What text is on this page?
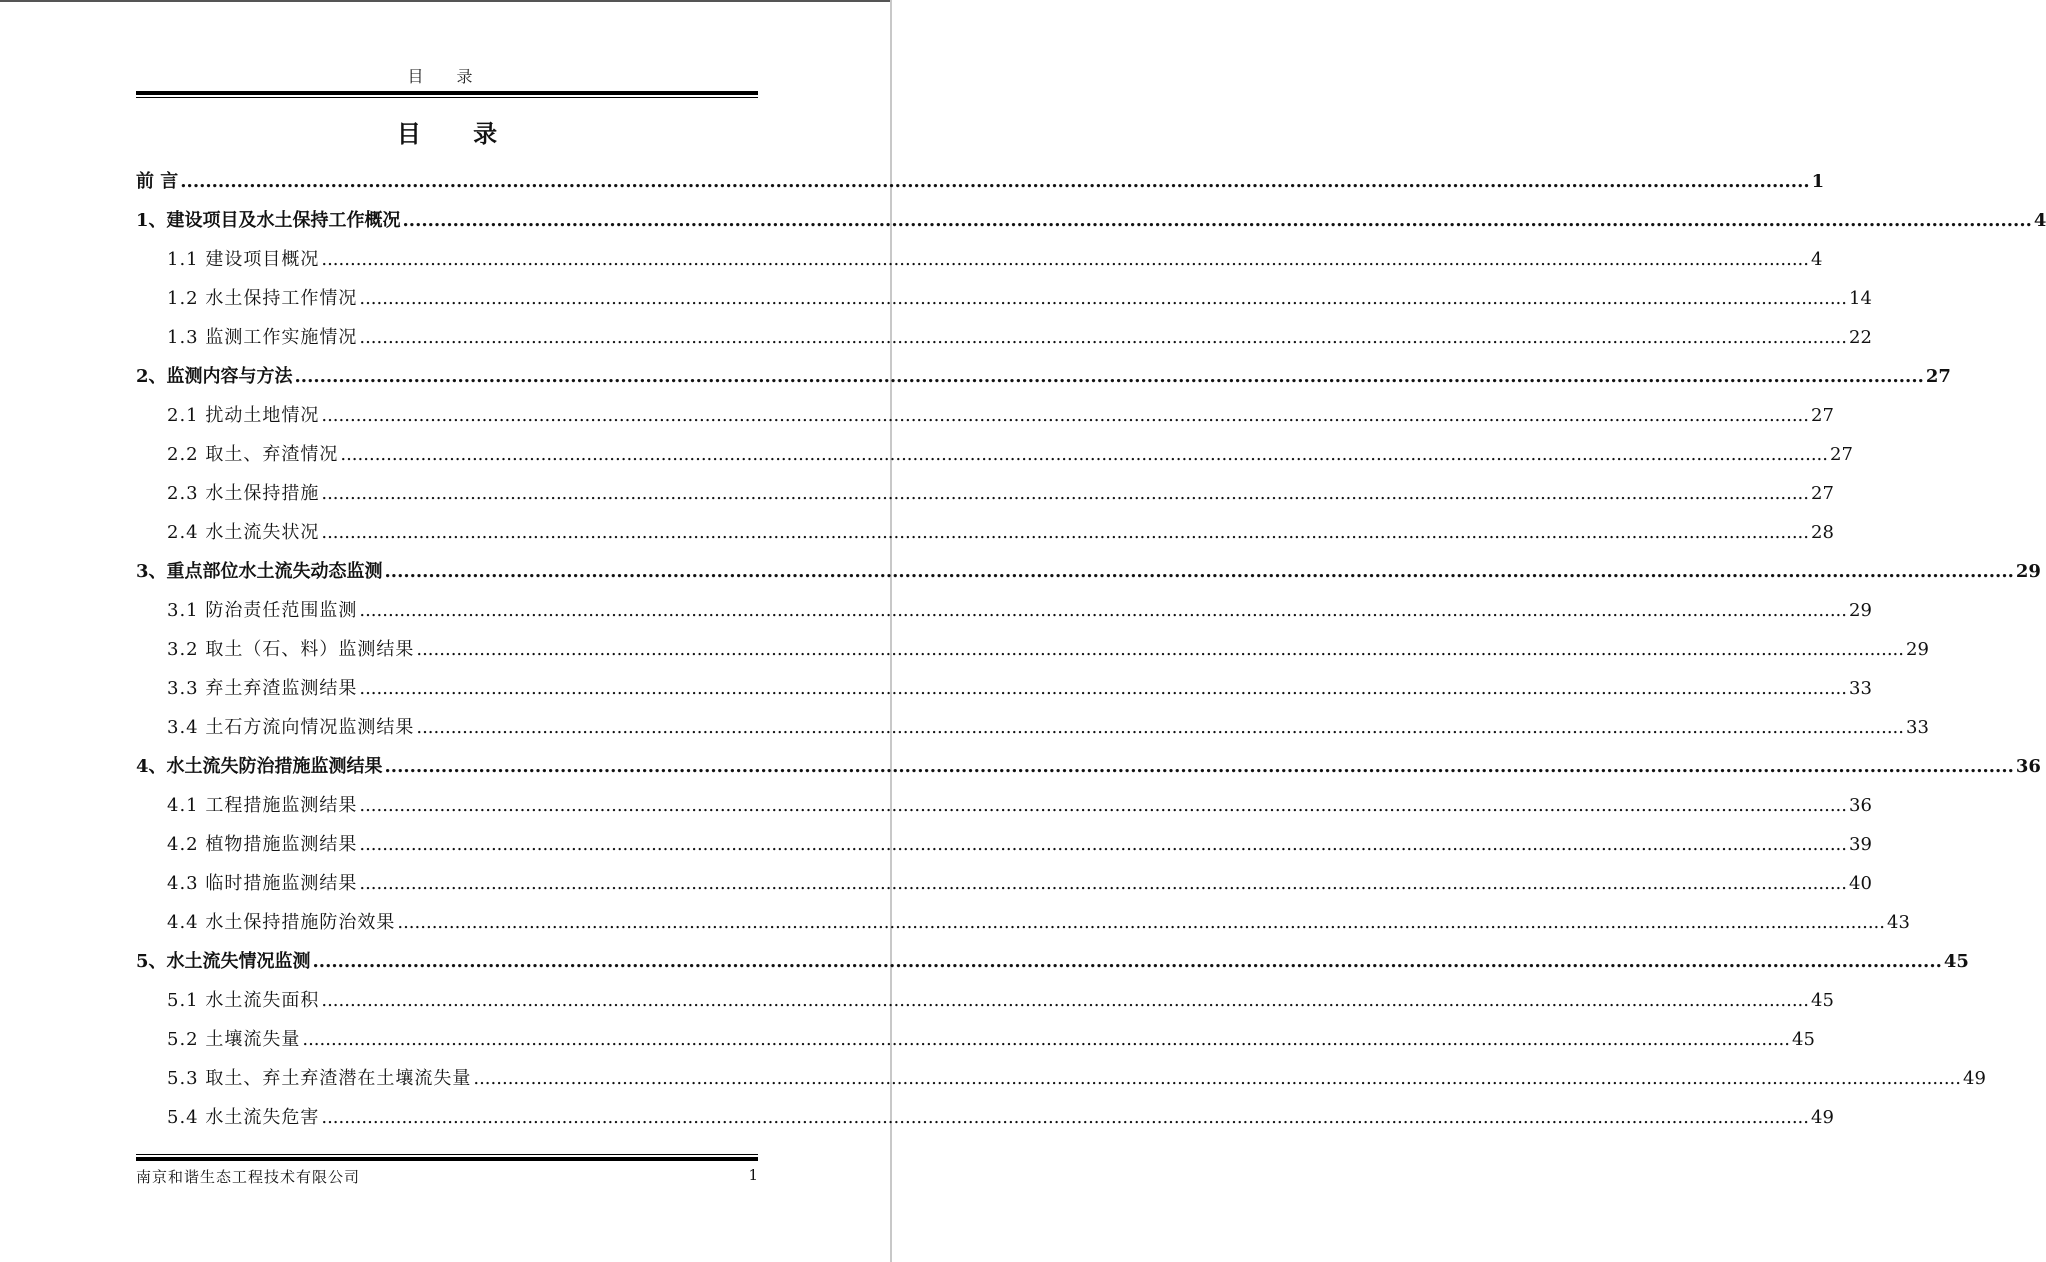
目 录
目 录
前 言 .................................................................................................................................................................................................................................................................... 1
1、建设项目及水土保持工作概况 .................................................................................................................................................................................................................................................................... 4
1.1 建设项目概况 .................................................................................................................................................................................................................................................................... 4
1.2 水土保持工作情况 .................................................................................................................................................................................................................................................................... 14
1.3 监测工作实施情况 .................................................................................................................................................................................................................................................................... 22
2、监测内容与方法 .................................................................................................................................................................................................................................................................... 27
2.1 扰动土地情况 .................................................................................................................................................................................................................................................................... 27
2.2 取土、弃渣情况 .................................................................................................................................................................................................................................................................... 27
2.3 水土保持措施 .................................................................................................................................................................................................................................................................... 27
2.4 水土流失状况 .................................................................................................................................................................................................................................................................... 28
3、重点部位水土流失动态监测 .................................................................................................................................................................................................................................................................... 29
3.1 防治责任范围监测 .................................................................................................................................................................................................................................................................... 29
3.2 取土（石、料）监测结果 .................................................................................................................................................................................................................................................................... 29
3.3 弃土弃渣监测结果 .................................................................................................................................................................................................................................................................... 33
3.4 土石方流向情况监测结果 .................................................................................................................................................................................................................................................................... 33
4、水土流失防治措施监测结果 .................................................................................................................................................................................................................................................................... 36
4.1 工程措施监测结果 .................................................................................................................................................................................................................................................................... 36
4.2 植物措施监测结果 .................................................................................................................................................................................................................................................................... 39
4.3 临时措施监测结果 .................................................................................................................................................................................................................................................................... 40
4.4 水土保持措施防治效果 .................................................................................................................................................................................................................................................................... 43
5、水土流失情况监测 .................................................................................................................................................................................................................................................................... 45
5.1 水土流失面积 .................................................................................................................................................................................................................................................................... 45
5.2 土壤流失量 .................................................................................................................................................................................................................................................................... 45
5.3 取土、弃土弃渣潜在土壤流失量 .................................................................................................................................................................................................................................................................... 49
5.4 水土流失危害 .................................................................................................................................................................................................................................................................... 49
南京和谐生态工程技术有限公司	1
